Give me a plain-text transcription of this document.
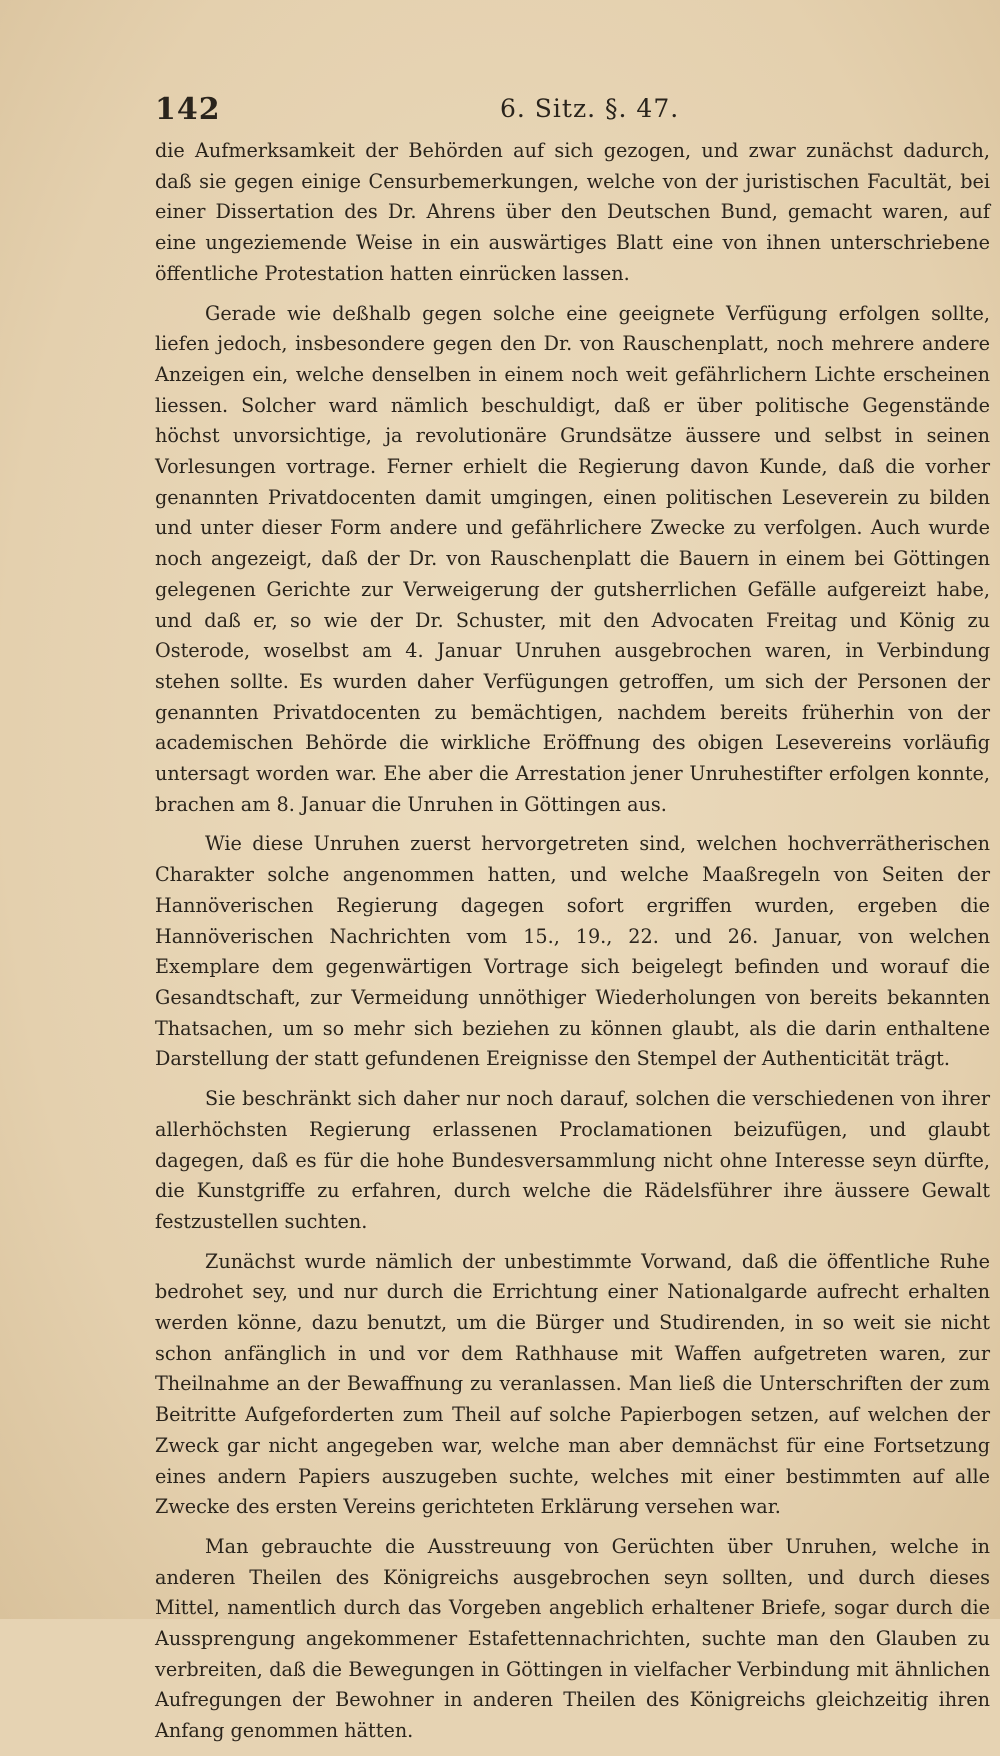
142	6. Sitz. §. 47.

die Aufmerksamkeit der Behörden auf sich gezogen, und zwar zunächst dadurch, daß sie gegen einige Censurbemerkungen, welche von der juristischen Facultät, bei einer Dissertation des Dr. Ahrens über den Deutschen Bund, gemacht waren, auf eine ungeziemende Weise in ein auswärtiges Blatt eine von ihnen unterschriebene öffentliche Protestation hatten einrücken lassen.

Gerade wie deßhalb gegen solche eine geeignete Verfügung erfolgen sollte, liefen jedoch, insbesondere gegen den Dr. von Rauschenplatt, noch mehrere andere Anzeigen ein, welche denselben in einem noch weit gefährlichern Lichte erscheinen liessen. Solcher ward nämlich beschuldigt, daß er über politische Gegenstände höchst unvorsichtige, ja revolutionäre Grundsätze äussere und selbst in seinen Vorlesungen vortrage. Ferner erhielt die Regierung davon Kunde, daß die vorher genannten Privatdocenten damit umgingen, einen politischen Leseverein zu bilden und unter dieser Form andere und gefährlichere Zwecke zu verfolgen. Auch wurde noch angezeigt, daß der Dr. von Rauschenplatt die Bauern in einem bei Göttingen gelegenen Gerichte zur Verweigerung der gutsherrlichen Gefälle aufgereizt habe, und daß er, so wie der Dr. Schuster, mit den Advocaten Freitag und König zu Osterode, woselbst am 4. Januar Unruhen ausgebrochen waren, in Verbindung stehen sollte. Es wurden daher Verfügungen getroffen, um sich der Personen der genannten Privatdocenten zu bemächtigen, nachdem bereits früherhin von der academischen Behörde die wirkliche Eröffnung des obigen Lesevereins vorläufig untersagt worden war. Ehe aber die Arrestation jener Unruhestifter erfolgen konnte, brachen am 8. Januar die Unruhen in Göttingen aus.

Wie diese Unruhen zuerst hervorgetreten sind, welchen hochverrätherischen Charakter solche angenommen hatten, und welche Maaßregeln von Seiten der Hannöverischen Regierung dagegen sofort ergriffen wurden, ergeben die Hannöverischen Nachrichten vom 15., 19., 22. und 26. Januar, von welchen Exemplare dem gegenwärtigen Vortrage sich beigelegt befinden und worauf die Gesandtschaft, zur Vermeidung unnöthiger Wiederholungen von bereits bekannten Thatsachen, um so mehr sich beziehen zu können glaubt, als die darin enthaltene Darstellung der statt gefundenen Ereignisse den Stempel der Authenticität trägt.

Sie beschränkt sich daher nur noch darauf, solchen die verschiedenen von ihrer allerhöchsten Regierung erlassenen Proclamationen beizufügen, und glaubt dagegen, daß es für die hohe Bundesversammlung nicht ohne Interesse seyn dürfte, die Kunstgriffe zu erfahren, durch welche die Rädelsführer ihre äussere Gewalt festzustellen suchten.

Zunächst wurde nämlich der unbestimmte Vorwand, daß die öffentliche Ruhe bedrohet sey, und nur durch die Errichtung einer Nationalgarde aufrecht erhalten werden könne, dazu benutzt, um die Bürger und Studirenden, in so weit sie nicht schon anfänglich in und vor dem Rathhause mit Waffen aufgetreten waren, zur Theilnahme an der Bewaffnung zu veranlassen. Man ließ die Unterschriften der zum Beitritte Aufgeforderten zum Theil auf solche Papierbogen setzen, auf welchen der Zweck gar nicht angegeben war, welche man aber demnächst für eine Fortsetzung eines andern Papiers auszugeben suchte, welches mit einer bestimmten auf alle Zwecke des ersten Vereins gerichteten Erklärung versehen war.

Man gebrauchte die Ausstreuung von Gerüchten über Unruhen, welche in anderen Theilen des Königreichs ausgebrochen seyn sollten, und durch dieses Mittel, namentlich durch das Vorgeben angeblich erhaltener Briefe, sogar durch die Aussprengung angekommener Estafettennachrichten, suchte man den Glauben zu verbreiten, daß die Bewegungen in Göttingen in vielfacher Verbindung mit ähnlichen Aufregungen der Bewohner in anderen Theilen des Königreichs gleichzeitig ihren Anfang genommen hätten.
